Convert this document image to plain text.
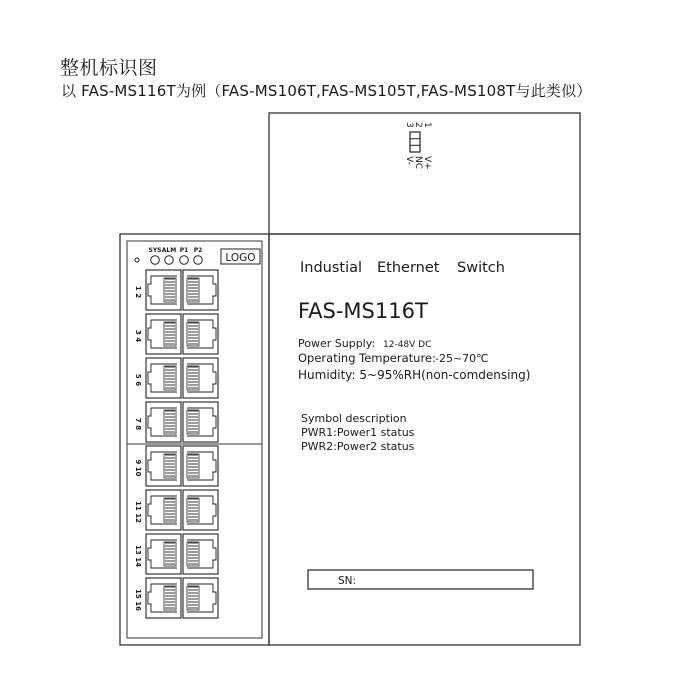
整机标识图
以 FAS-MS116T为例（FAS-MS106T,FAS-MS105T,FAS-MS108T与此类似）
1
2
3
V+
NC
V-
SYS ALM P1 P2
LOGO
1 2
3 4
5 6
7 8
9 10
11 12
13 14
15 16
Industial Ethernet Switch
FAS-MS116T
Power Supply: 12-48V DC
Operating Temperature: -25~70℃
Humidity: 5~95%RH(non-comdensing)
Symbol description
PWR1:Power1 status
PWR2:Power2 status
SN:
